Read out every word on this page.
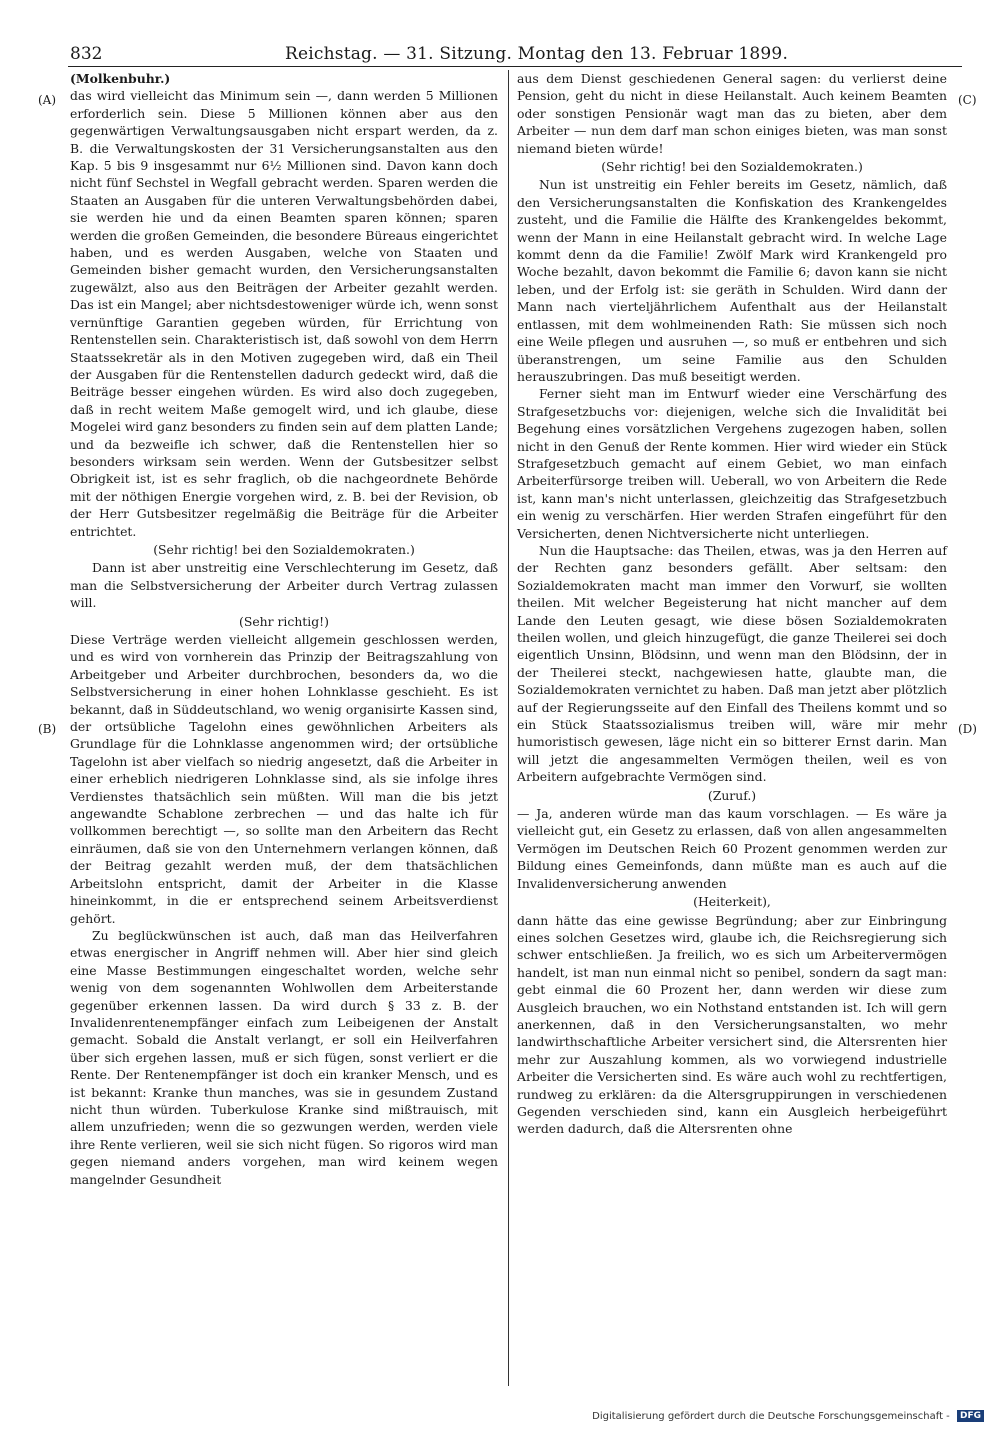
832	Reichstag. — 31. Sitzung. Montag den 13. Februar 1899.
(A)
(B)
(C)
(D)

(Molkenbuhr.)

das wird vielleicht das Minimum sein —, dann werden 5 Millionen erforderlich sein. Diese 5 Millionen können aber aus den gegenwärtigen Verwaltungsausgaben nicht erspart werden, da z. B. die Verwaltungskosten der 31 Versicherungsanstalten aus den Kap. 5 bis 9 insgesammt nur 6½ Millionen sind. Davon kann doch nicht fünf Sechstel in Wegfall gebracht werden. Sparen werden die Staaten an Ausgaben für die unteren Verwaltungsbehörden dabei, sie werden hie und da einen Beamten sparen können; sparen werden die großen Gemeinden, die besondere Büreaus eingerichtet haben, und es werden Ausgaben, welche von Staaten und Gemeinden bisher gemacht wurden, den Versicherungsanstalten zugewälzt, also aus den Beiträgen der Arbeiter gezahlt werden. Das ist ein Mangel; aber nichtsdestoweniger würde ich, wenn sonst vernünftige Garantien gegeben würden, für Errichtung von Rentenstellen sein. Charakteristisch ist, daß sowohl von dem Herrn Staatssekretär als in den Motiven zugegeben wird, daß ein Theil der Ausgaben für die Rentenstellen dadurch gedeckt wird, daß die Beiträge besser eingehen würden. Es wird also doch zugegeben, daß in recht weitem Maße gemogelt wird, und ich glaube, diese Mogelei wird ganz besonders zu finden sein auf dem platten Lande; und da bezweifle ich schwer, daß die Rentenstellen hier so besonders wirksam sein werden. Wenn der Gutsbesitzer selbst Obrigkeit ist, ist es sehr fraglich, ob die nachgeordnete Behörde mit der nöthigen Energie vorgehen wird, z. B. bei der Revision, ob der Herr Gutsbesitzer regelmäßig die Beiträge für die Arbeiter entrichtet.

(Sehr richtig! bei den Sozialdemokraten.)

Dann ist aber unstreitig eine Verschlechterung im Gesetz, daß man die Selbstversicherung der Arbeiter durch Vertrag zulassen will.

(Sehr richtig!)

Diese Verträge werden vielleicht allgemein geschlossen werden, und es wird von vornherein das Prinzip der Beitragszahlung von Arbeitgeber und Arbeiter durchbrochen, besonders da, wo die Selbstversicherung in einer hohen Lohnklasse geschieht. Es ist bekannt, daß in Süddeutschland, wo wenig organisirte Kassen sind, der ortsübliche Tagelohn eines gewöhnlichen Arbeiters als Grundlage für die Lohnklasse angenommen wird; der ortsübliche Tagelohn ist aber vielfach so niedrig angesetzt, daß die Arbeiter in einer erheblich niedrigeren Lohnklasse sind, als sie infolge ihres Verdienstes thatsächlich sein müßten. Will man die bis jetzt angewandte Schablone zerbrechen — und das halte ich für vollkommen berechtigt —, so sollte man den Arbeitern das Recht einräumen, daß sie von den Unternehmern verlangen können, daß der Beitrag gezahlt werden muß, der dem thatsächlichen Arbeitslohn entspricht, damit der Arbeiter in die Klasse hineinkommt, in die er entsprechend seinem Arbeitsverdienst gehört.

Zu beglückwünschen ist auch, daß man das Heilverfahren etwas energischer in Angriff nehmen will. Aber hier sind gleich eine Masse Bestimmungen eingeschaltet worden, welche sehr wenig von dem sogenannten Wohlwollen dem Arbeiterstande gegenüber erkennen lassen. Da wird durch § 33 z. B. der Invalidenrentenempfänger einfach zum Leibeigenen der Anstalt gemacht. Sobald die Anstalt verlangt, er soll ein Heilverfahren über sich ergehen lassen, muß er sich fügen, sonst verliert er die Rente. Der Rentenempfänger ist doch ein kranker Mensch, und es ist bekannt: Kranke thun manches, was sie in gesundem Zustand nicht thun würden. Tuberkulose Kranke sind mißtrauisch, mit allem unzufrieden; wenn die so gezwungen werden, werden viele ihre Rente verlieren, weil sie sich nicht fügen. So rigoros wird man gegen niemand anders vorgehen, man wird keinem wegen mangelnder Gesundheit

aus dem Dienst geschiedenen General sagen: du verlierst deine Pension, geht du nicht in diese Heilanstalt. Auch keinem Beamten oder sonstigen Pensionär wagt man das zu bieten, aber dem Arbeiter — nun dem darf man schon einiges bieten, was man sonst niemand bieten würde!

(Sehr richtig! bei den Sozialdemokraten.)

Nun ist unstreitig ein Fehler bereits im Gesetz, nämlich, daß den Versicherungsanstalten die Konfiskation des Krankengeldes zusteht, und die Familie die Hälfte des Krankengeldes bekommt, wenn der Mann in eine Heilanstalt gebracht wird. In welche Lage kommt denn da die Familie! Zwölf Mark wird Krankengeld pro Woche bezahlt, davon bekommt die Familie 6; davon kann sie nicht leben, und der Erfolg ist: sie geräth in Schulden. Wird dann der Mann nach vierteljährlichem Aufenthalt aus der Heilanstalt entlassen, mit dem wohlmeinenden Rath: Sie müssen sich noch eine Weile pflegen und ausruhen —, so muß er entbehren und sich überanstrengen, um seine Familie aus den Schulden herauszubringen. Das muß beseitigt werden.

Ferner sieht man im Entwurf wieder eine Verschärfung des Strafgesetzbuchs vor: diejenigen, welche sich die Invalidität bei Begehung eines vorsätzlichen Vergehens zugezogen haben, sollen nicht in den Genuß der Rente kommen. Hier wird wieder ein Stück Strafgesetzbuch gemacht auf einem Gebiet, wo man einfach Arbeiterfürsorge treiben will. Ueberall, wo von Arbeitern die Rede ist, kann man's nicht unterlassen, gleichzeitig das Strafgesetzbuch ein wenig zu verschärfen. Hier werden Strafen eingeführt für den Versicherten, denen Nichtversicherte nicht unterliegen.

Nun die Hauptsache: das Theilen, etwas, was ja den Herren auf der Rechten ganz besonders gefällt. Aber seltsam: den Sozialdemokraten macht man immer den Vorwurf, sie wollten theilen. Mit welcher Begeisterung hat nicht mancher auf dem Lande den Leuten gesagt, wie diese bösen Sozialdemokraten theilen wollen, und gleich hinzugefügt, die ganze Theilerei sei doch eigentlich Unsinn, Blödsinn, und wenn man den Blödsinn, der in der Theilerei steckt, nachgewiesen hatte, glaubte man, die Sozialdemokraten vernichtet zu haben. Daß man jetzt aber plötzlich auf der Regierungsseite auf den Einfall des Theilens kommt und so ein Stück Staatssozialismus treiben will, wäre mir mehr humoristisch gewesen, läge nicht ein so bitterer Ernst darin. Man will jetzt die angesammelten Vermögen theilen, weil es von Arbeitern aufgebrachte Vermögen sind.

(Zuruf.)

— Ja, anderen würde man das kaum vorschlagen. — Es wäre ja vielleicht gut, ein Gesetz zu erlassen, daß von allen angesammelten Vermögen im Deutschen Reich 60 Prozent genommen werden zur Bildung eines Gemeinfonds, dann müßte man es auch auf die Invalidenversicherung anwenden

(Heiterkeit),

dann hätte das eine gewisse Begründung; aber zur Einbringung eines solchen Gesetzes wird, glaube ich, die Reichsregierung sich schwer entschließen. Ja freilich, wo es sich um Arbeitervermögen handelt, ist man nun einmal nicht so penibel, sondern da sagt man: gebt einmal die 60 Prozent her, dann werden wir diese zum Ausgleich brauchen, wo ein Nothstand entstanden ist. Ich will gern anerkennen, daß in den Versicherungsanstalten, wo mehr landwirthschaftliche Arbeiter versichert sind, die Altersrenten hier mehr zur Auszahlung kommen, als wo vorwiegend industrielle Arbeiter die Versicherten sind. Es wäre auch wohl zu rechtfertigen, rundweg zu erklären: da die Altersgruppirungen in verschiedenen Gegenden verschieden sind, kann ein Ausgleich herbeigeführt werden dadurch, daß die Altersrenten ohne

Digitalisierung gefördert durch die Deutsche Forschungsgemeinschaft - DFG
